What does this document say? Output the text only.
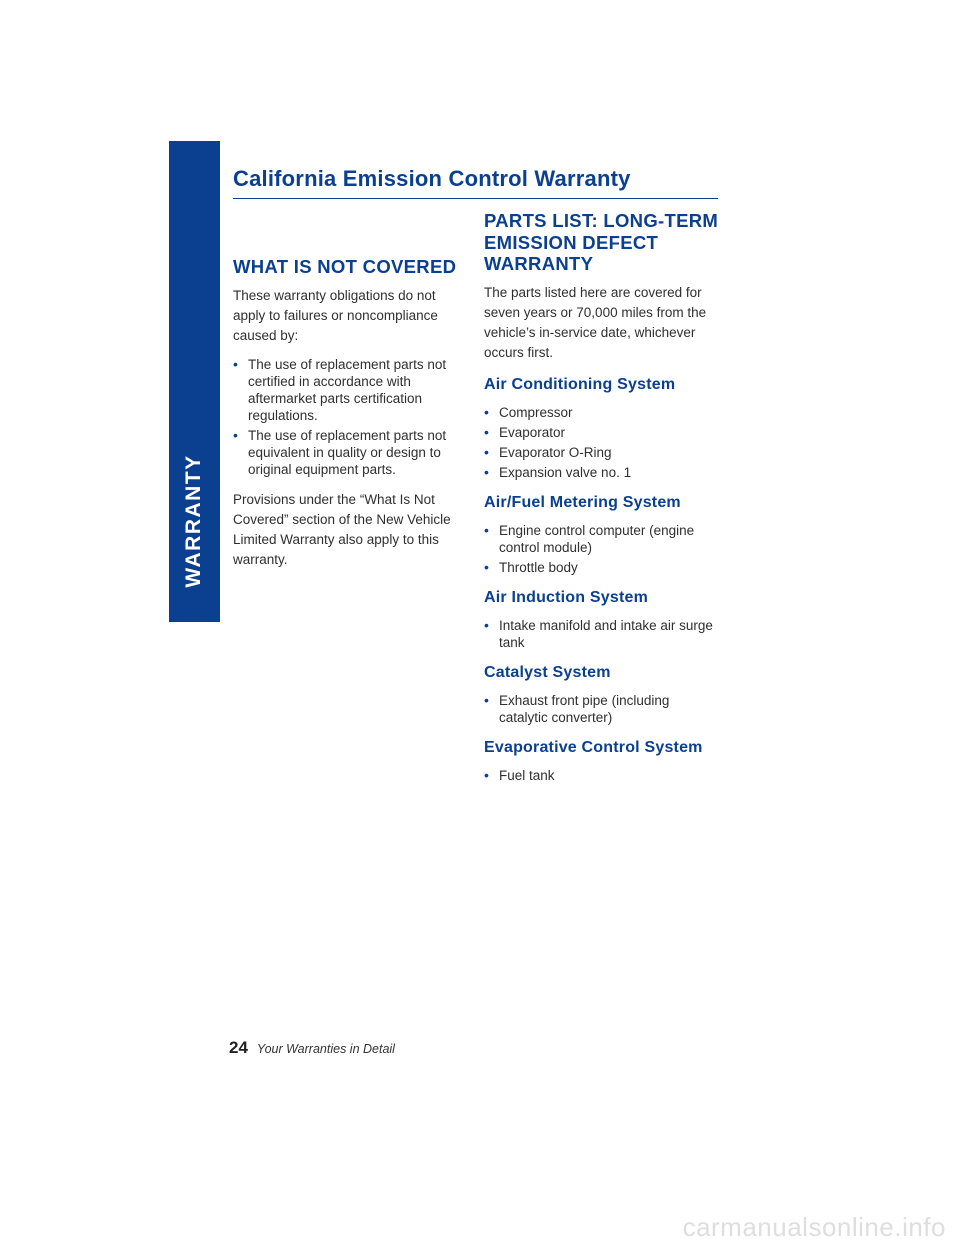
WARRANTY
California Emission Control Warranty
WHAT IS NOT COVERED

These warranty obligations do not apply to failures or noncompliance caused by:

• The use of replacement parts not certified in accordance with aftermarket parts certification regulations.
• The use of replacement parts not equivalent in quality or design to original equipment parts.

Provisions under the “What Is Not Covered” section of the New Vehicle Limited Warranty also apply to this warranty.

PARTS LIST: LONG-TERM EMISSION DEFECT WARRANTY

The parts listed here are covered for seven years or 70,000 miles from the vehicle’s in-service date, whichever occurs first.

Air Conditioning System
• Compressor
• Evaporator
• Evaporator O-Ring
• Expansion valve no. 1
Air/Fuel Metering System
• Engine control computer (engine control module)
• Throttle body
Air Induction System
• Intake manifold and intake air surge tank
Catalyst System
• Exhaust front pipe (including catalytic converter)
Evaporative Control System
• Fuel tank
24 Your Warranties in Detail
carmanualsonline.info
